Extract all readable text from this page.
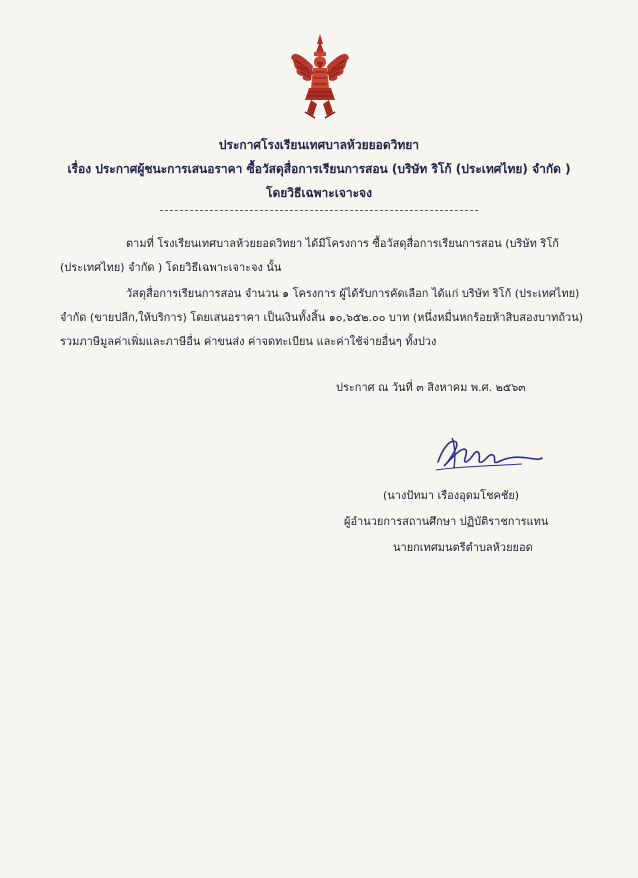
ประกาศโรงเรียนเทศบาลห้วยยอดวิทยา
เรื่อง ประกาศผู้ชนะการเสนอราคา ซื้อวัสดุสื่อการเรียนการสอน (บริษัท ริโก้ (ประเทศไทย) จำกัด )
โดยวิธีเฉพาะเจาะจง
ตามที่ โรงเรียนเทศบาลห้วยยอดวิทยา ได้มีโครงการ ซื้อวัสดุสื่อการเรียนการสอน (บริษัท ริโก้
(ประเทศไทย) จำกัด ) โดยวิธีเฉพาะเจาะจง นั้น
วัสดุสื่อการเรียนการสอน จำนวน ๑ โครงการ ผู้ได้รับการคัดเลือก ได้แก่ บริษัท ริโก้ (ประเทศไทย)
จำกัด (ขายปลีก,ให้บริการ) โดยเสนอราคา เป็นเงินทั้งสิ้น ๑๐,๖๕๒.๐๐ บาท (หนึ่งหมื่นหกร้อยห้าสิบสองบาทถ้วน)
รวมภาษีมูลค่าเพิ่มและภาษีอื่น ค่าขนส่ง ค่าจดทะเบียน และค่าใช้จ่ายอื่นๆ ทั้งปวง
ประกาศ ณ วันที่ ๓ สิงหาคม พ.ศ. ๒๕๖๓
(นางปัทมา เรืองอุดมโชคชัย)
ผู้อำนวยการสถานศึกษา ปฏิบัติราชการแทน
นายกเทศมนตรีตำบลห้วยยอด
